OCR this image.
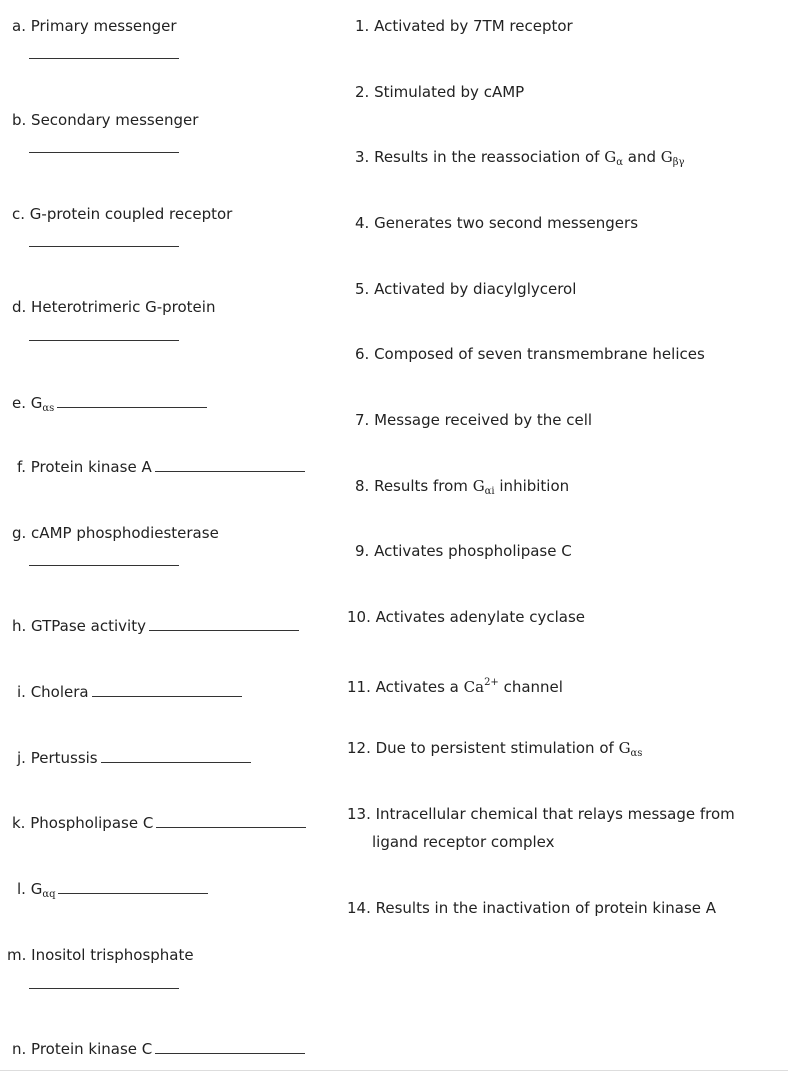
a. Primary messenger
b. Secondary messenger
c. G-protein coupled receptor
d. Heterotrimeric G-protein
e. $G_{\alpha s}$
f. Protein kinase A
g. cAMP phosphodiesterase
h. GTPase activity
i. Cholera
j. Pertussis
k. Phospholipase C
l. $G_{\alpha q}$
m. Inositol trisphosphate
n. Protein kinase C
1. Activated by 7TM receptor
2. Stimulated by cAMP
3. Results in the reassociation of $G_\alpha$ and $G_{\beta\gamma}$
4. Generates two second messengers
5. Activated by diacylglycerol
6. Composed of seven transmembrane helices
7. Message received by the cell
8. Results from $G_{\alpha i}$ inhibition
9. Activates phospholipase C
10. Activates adenylate cyclase
11. Activates a $Ca^{2+}$ channel
12. Due to persistent stimulation of $G_{\alpha s}$
13. Intracellular chemical that relays message from ligand receptor complex
14. Results in the inactivation of protein kinase A
